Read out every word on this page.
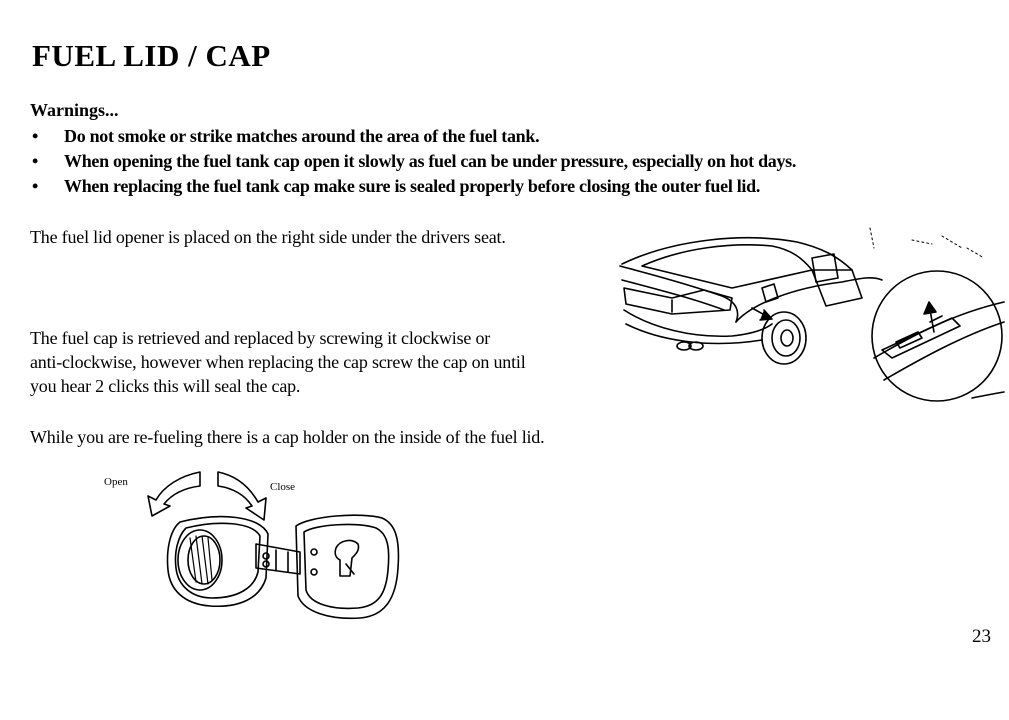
FUEL LID / CAP
Warnings...
• Do not smoke or strike matches around the area of the fuel tank.
• When opening the fuel tank cap open it slowly as fuel can be under pressure, especially on hot days.
• When replacing the fuel tank cap make sure is sealed properly before closing the outer fuel lid.
The fuel lid opener is placed on the right side under the drivers seat.
The fuel cap is retrieved and replaced by screwing it clockwise or
anti-clockwise, however when replacing the cap screw the cap on until
you hear 2 clicks this will seal the cap.
While you are re-fueling there is a cap holder on the inside of the fuel lid.
Open	Close
23
